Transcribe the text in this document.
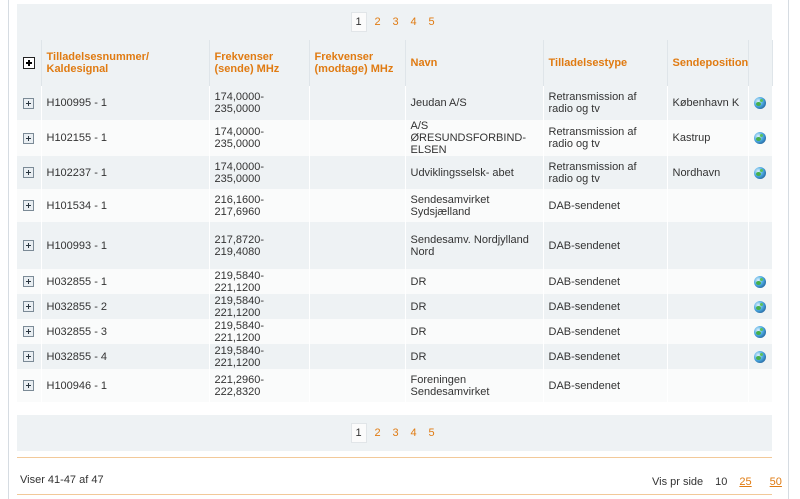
1	2	3	4	5
	Tilladelsesnummer/ Kaldesignal	Frekvenser (sende) MHz	Frekvenser (modtage) MHz	Navn	Tilladelsestype	Sendeposition	
	H100995 - 1	174,0000-235,0000		Jeudan A/S	Retransmission af radio og tv	København K	
	H102155 - 1	174,0000-235,0000		A/S ØRESUNDSFORBIND- ELSEN	Retransmission af radio og tv	Kastrup	
	H102237 - 1	174,0000-235,0000		Udviklingsselsk- abet	Retransmission af radio og tv	Nordhavn	
	H101534 - 1	216,1600-217,6960		Sendesamvirket Sydsjælland	DAB-sendenet		
	H100993 - 1	217,8720-219,4080		Sendesamv. Nordjylland Nord	DAB-sendenet		
	H032855 - 1	219,5840-221,1200		DR	DAB-sendenet		
	H032855 - 2	219,5840-221,1200		DR	DAB-sendenet		
	H032855 - 3	219,5840-221,1200		DR	DAB-sendenet		
	H032855 - 4	219,5840-221,1200		DR	DAB-sendenet		
	H100946 - 1	221,2960-222,8320		Foreningen Sendesamvirket	DAB-sendenet		
1	2	3	4	5
Viser 41-47 af 47	Vis pr side 10 25 50
